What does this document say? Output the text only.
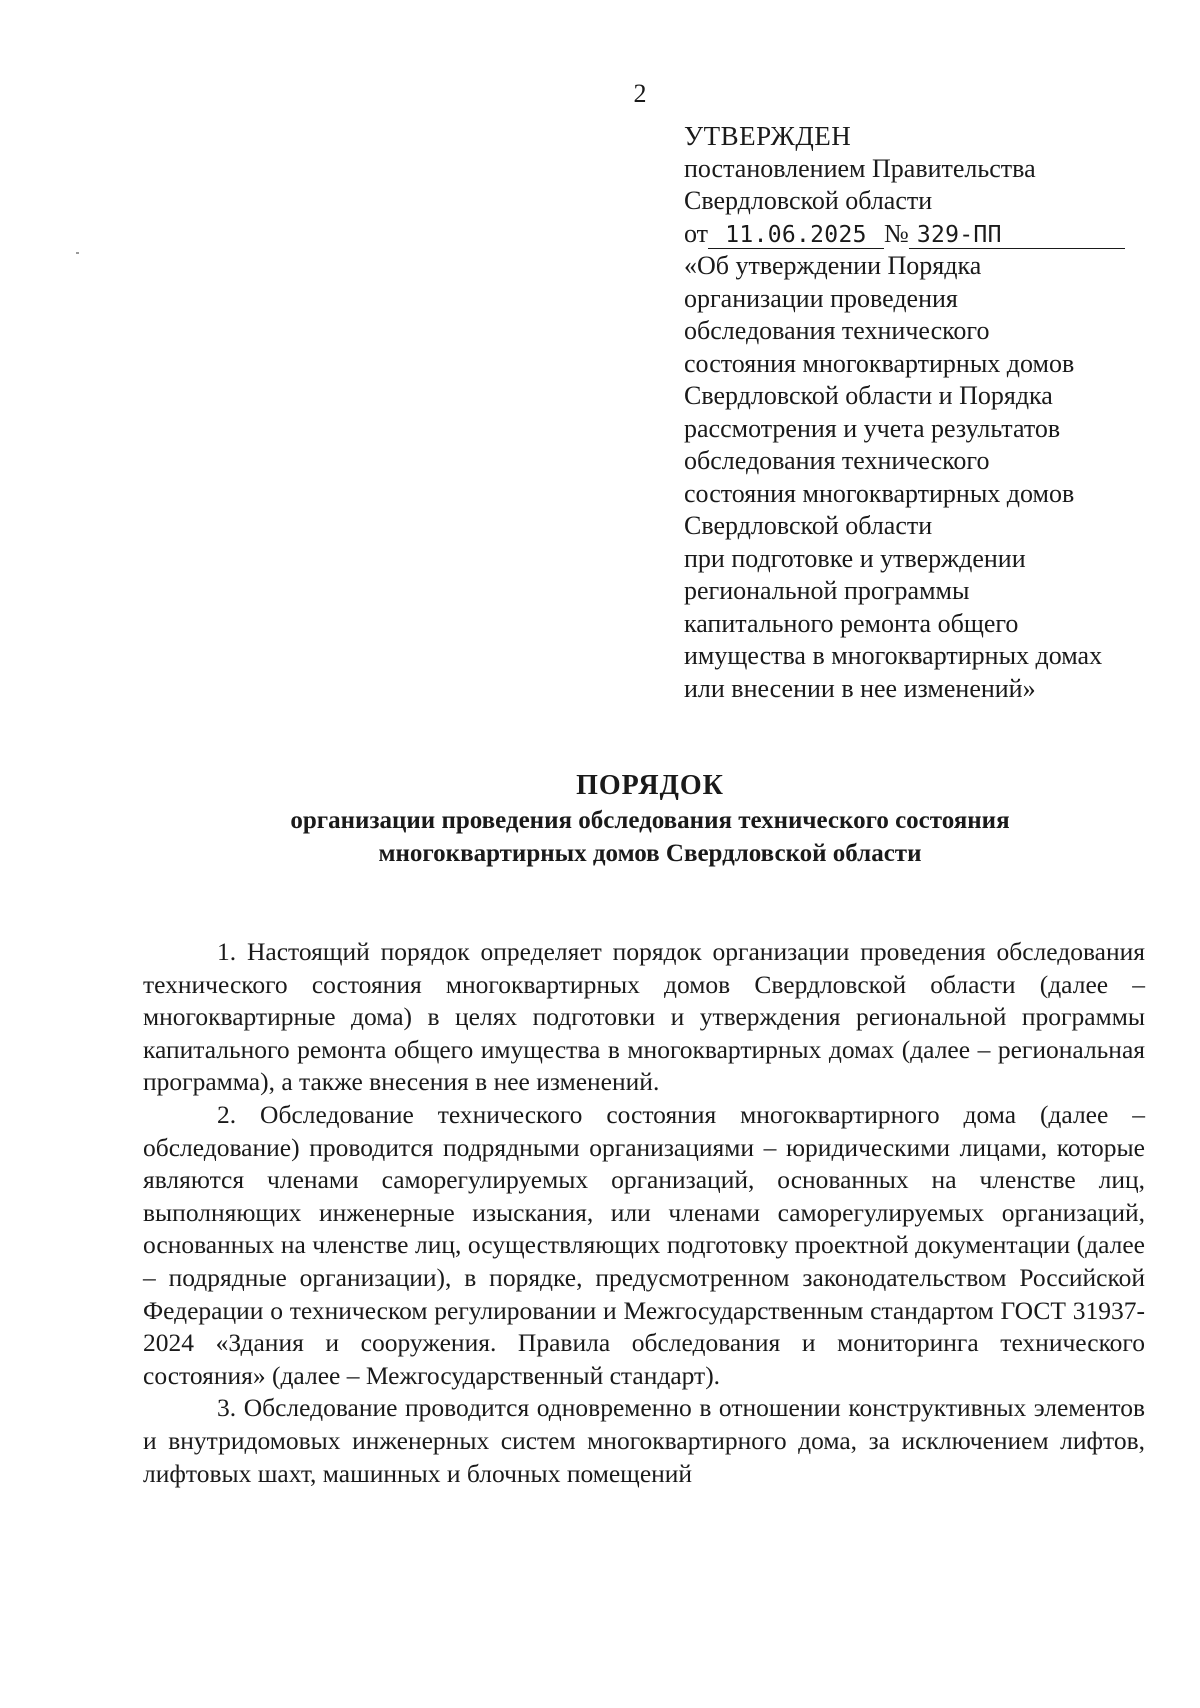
2
УТВЕРЖДЕН
постановлением Правительства
Свердловской области
от 11.06.2025 № 329-ПП
«Об утверждении Порядка
организации проведения
обследования технического
состояния многоквартирных домов
Свердловской области и Порядка
рассмотрения и учета результатов
обследования технического
состояния многоквартирных домов
Свердловской области
при подготовке и утверждении
региональной программы
капитального ремонта общего
имущества в многоквартирных домах
или внесении в нее изменений»
ПОРЯДОК
организации проведения обследования технического состояния
многоквартирных домов Свердловской области

1. Настоящий порядок определяет порядок организации проведения обследования технического состояния многоквартирных домов Свердловской области (далее – многоквартирные дома) в целях подготовки и утверждения региональной программы капитального ремонта общего имущества в многоквартирных домах (далее – региональная программа), а также внесения в нее изменений.

2. Обследование технического состояния многоквартирного дома (далее – обследование) проводится подрядными организациями – юридическими лицами, которые являются членами саморегулируемых организаций, основанных на членстве лиц, выполняющих инженерные изыскания, или членами саморегулируемых организаций, основанных на членстве лиц, осуществляющих подготовку проектной документации (далее – подрядные организации), в порядке, предусмотренном законодательством Российской Федерации о техническом регулировании и Межгосударственным стандартом ГОСТ 31937-2024 «Здания и сооружения. Правила обследования и мониторинга технического состояния» (далее – Межгосударственный стандарт).

3. Обследование проводится одновременно в отношении конструктивных элементов и внутридомовых инженерных систем многоквартирного дома, за исключением лифтов, лифтовых шахт, машинных и блочных помещений
